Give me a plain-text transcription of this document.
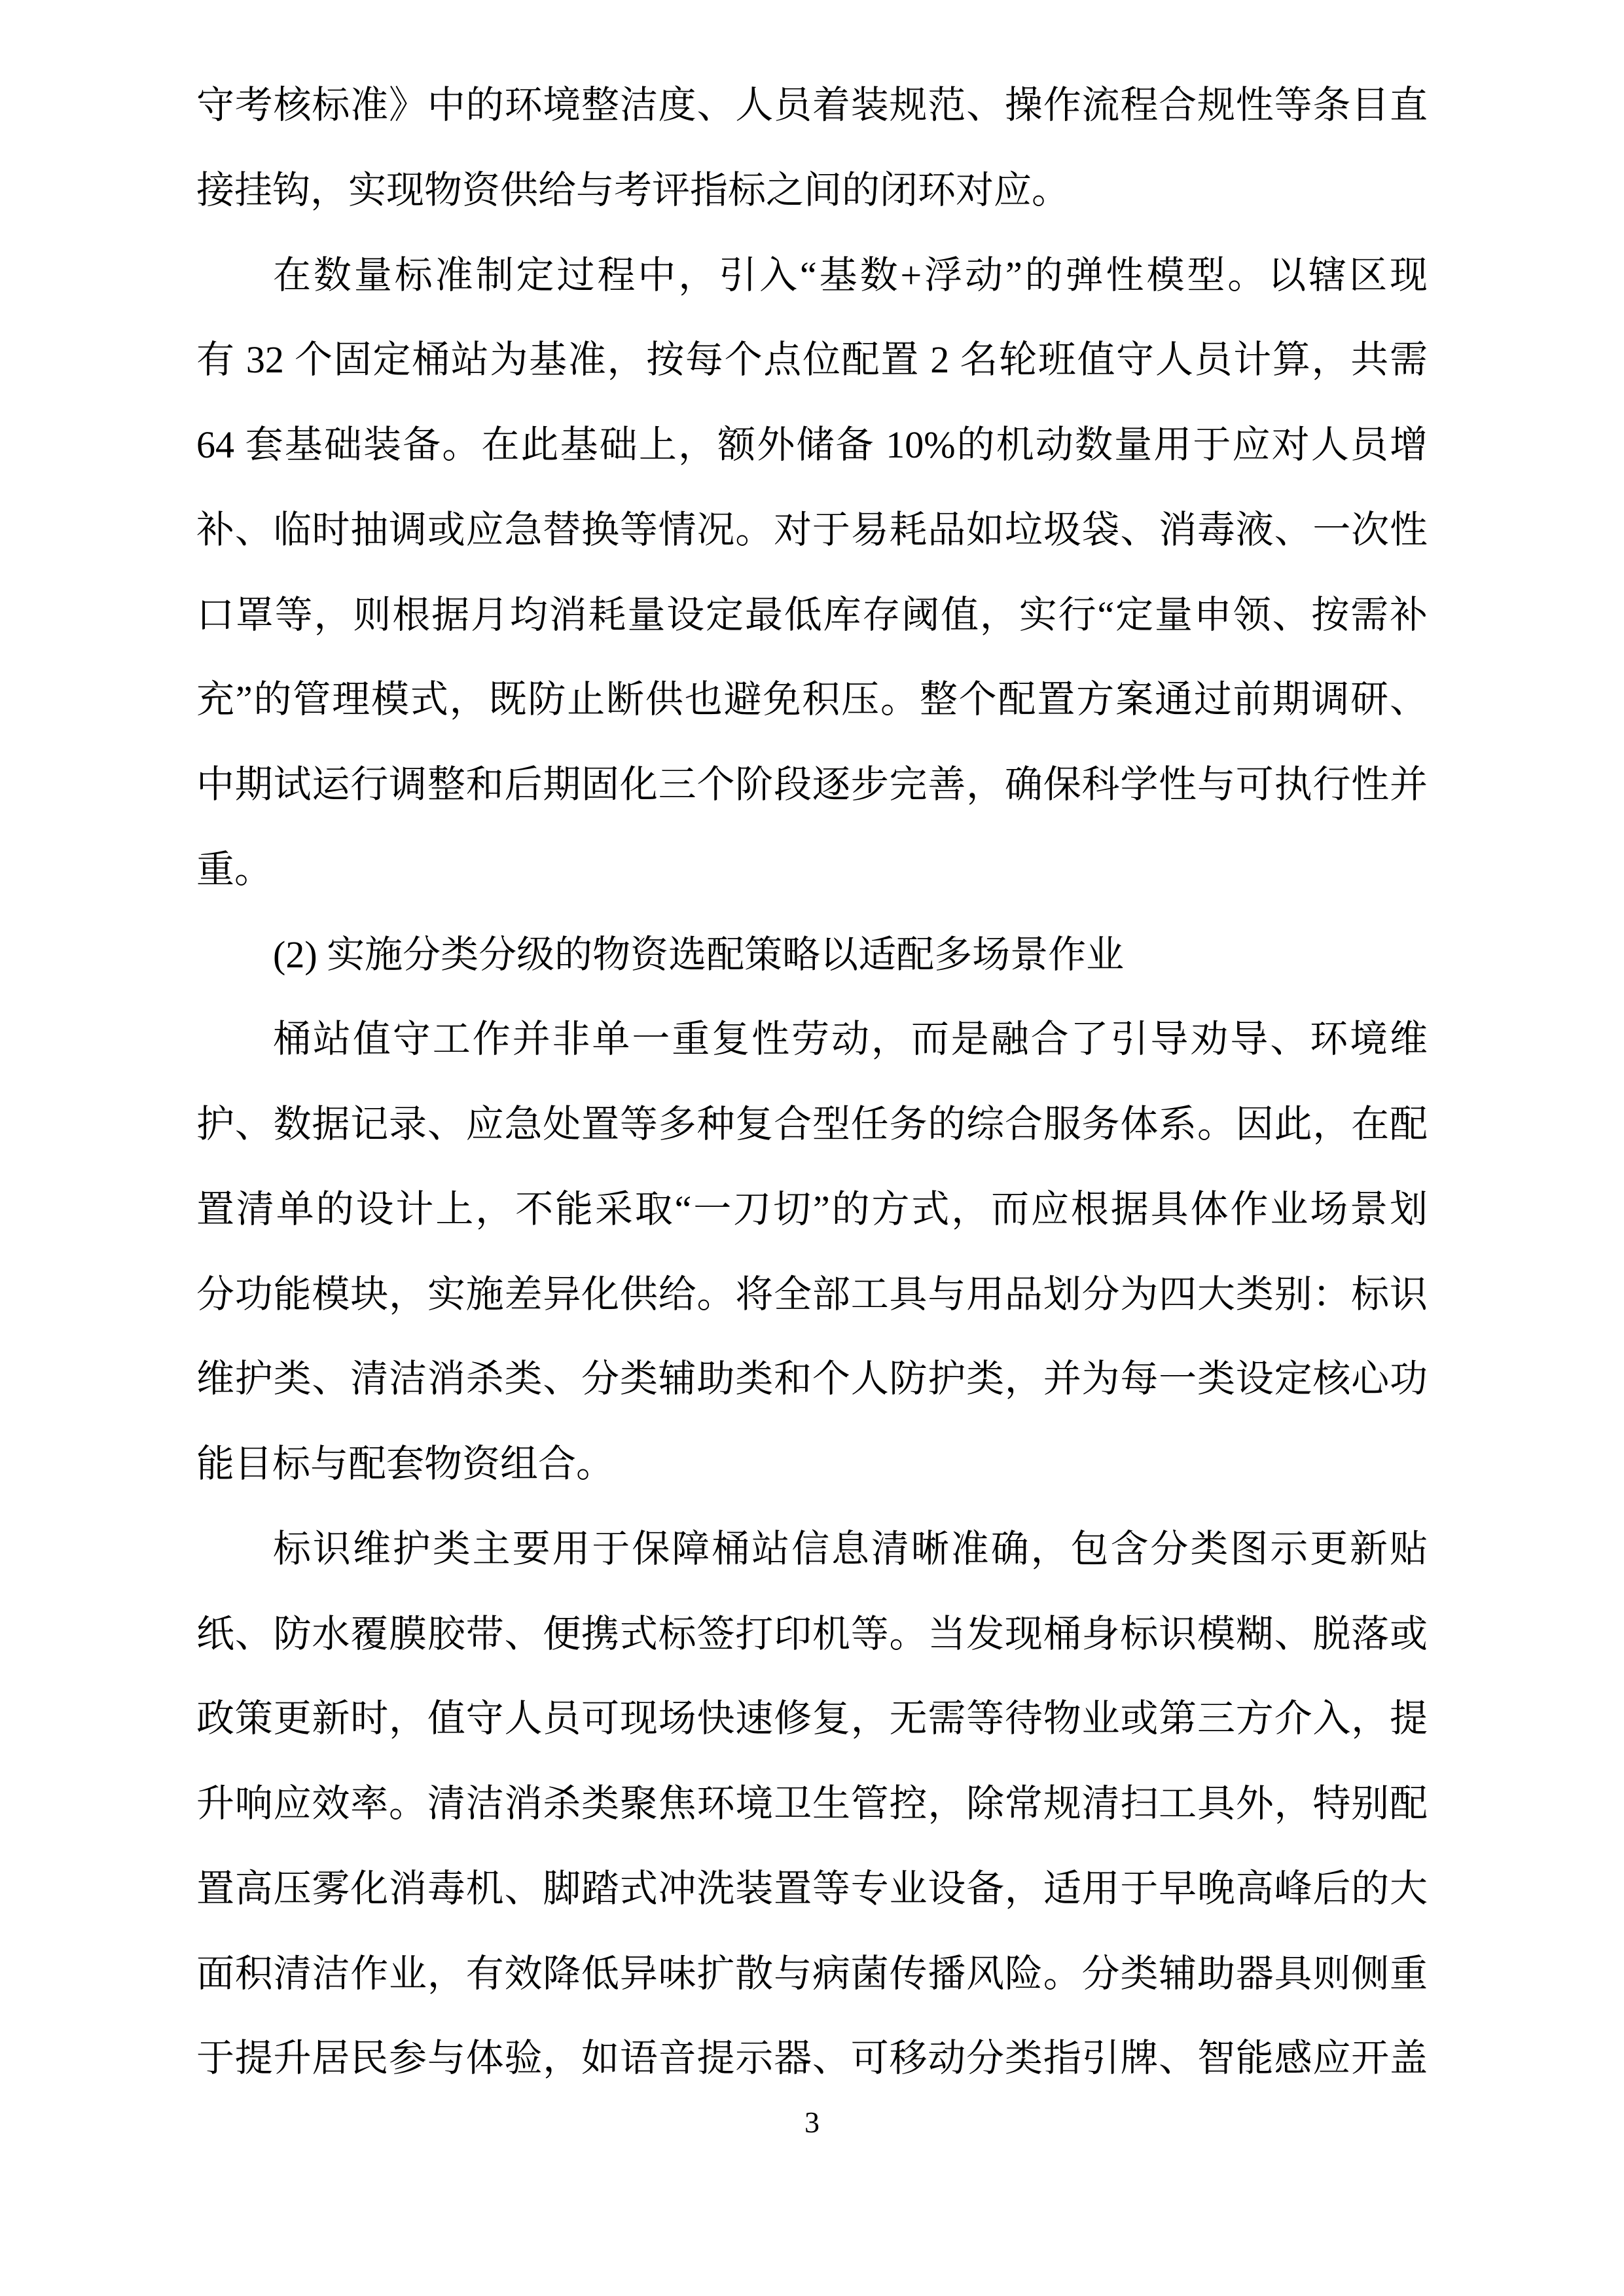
守考核标准》中的环境整洁度、人员着装规范、操作流程合规性等条目直
接挂钩，实现物资供给与考评指标之间的闭环对应。
在数量标准制定过程中，引入“基数+浮动”的弹性模型。以辖区现
有 32 个固定桶站为基准，按每个点位配置 2 名轮班值守人员计算，共需
64 套基础装备。在此基础上，额外储备 10%的机动数量用于应对人员增
补、临时抽调或应急替换等情况。对于易耗品如垃圾袋、消毒液、一次性
口罩等，则根据月均消耗量设定最低库存阈值，实行“定量申领、按需补
充”的管理模式，既防止断供也避免积压。整个配置方案通过前期调研、
中期试运行调整和后期固化三个阶段逐步完善，确保科学性与可执行性并
重。
(2) 实施分类分级的物资选配策略以适配多场景作业
桶站值守工作并非单一重复性劳动，而是融合了引导劝导、环境维
护、数据记录、应急处置等多种复合型任务的综合服务体系。因此，在配
置清单的设计上，不能采取“一刀切”的方式，而应根据具体作业场景划
分功能模块，实施差异化供给。将全部工具与用品划分为四大类别：标识
维护类、清洁消杀类、分类辅助类和个人防护类，并为每一类设定核心功
能目标与配套物资组合。
标识维护类主要用于保障桶站信息清晰准确，包含分类图示更新贴
纸、防水覆膜胶带、便携式标签打印机等。当发现桶身标识模糊、脱落或
政策更新时，值守人员可现场快速修复，无需等待物业或第三方介入，提
升响应效率。清洁消杀类聚焦环境卫生管控，除常规清扫工具外，特别配
置高压雾化消毒机、脚踏式冲洗装置等专业设备，适用于早晚高峰后的大
面积清洁作业，有效降低异味扩散与病菌传播风险。分类辅助器具则侧重
于提升居民参与体验，如语音提示器、可移动分类指引牌、智能感应开盖
3
